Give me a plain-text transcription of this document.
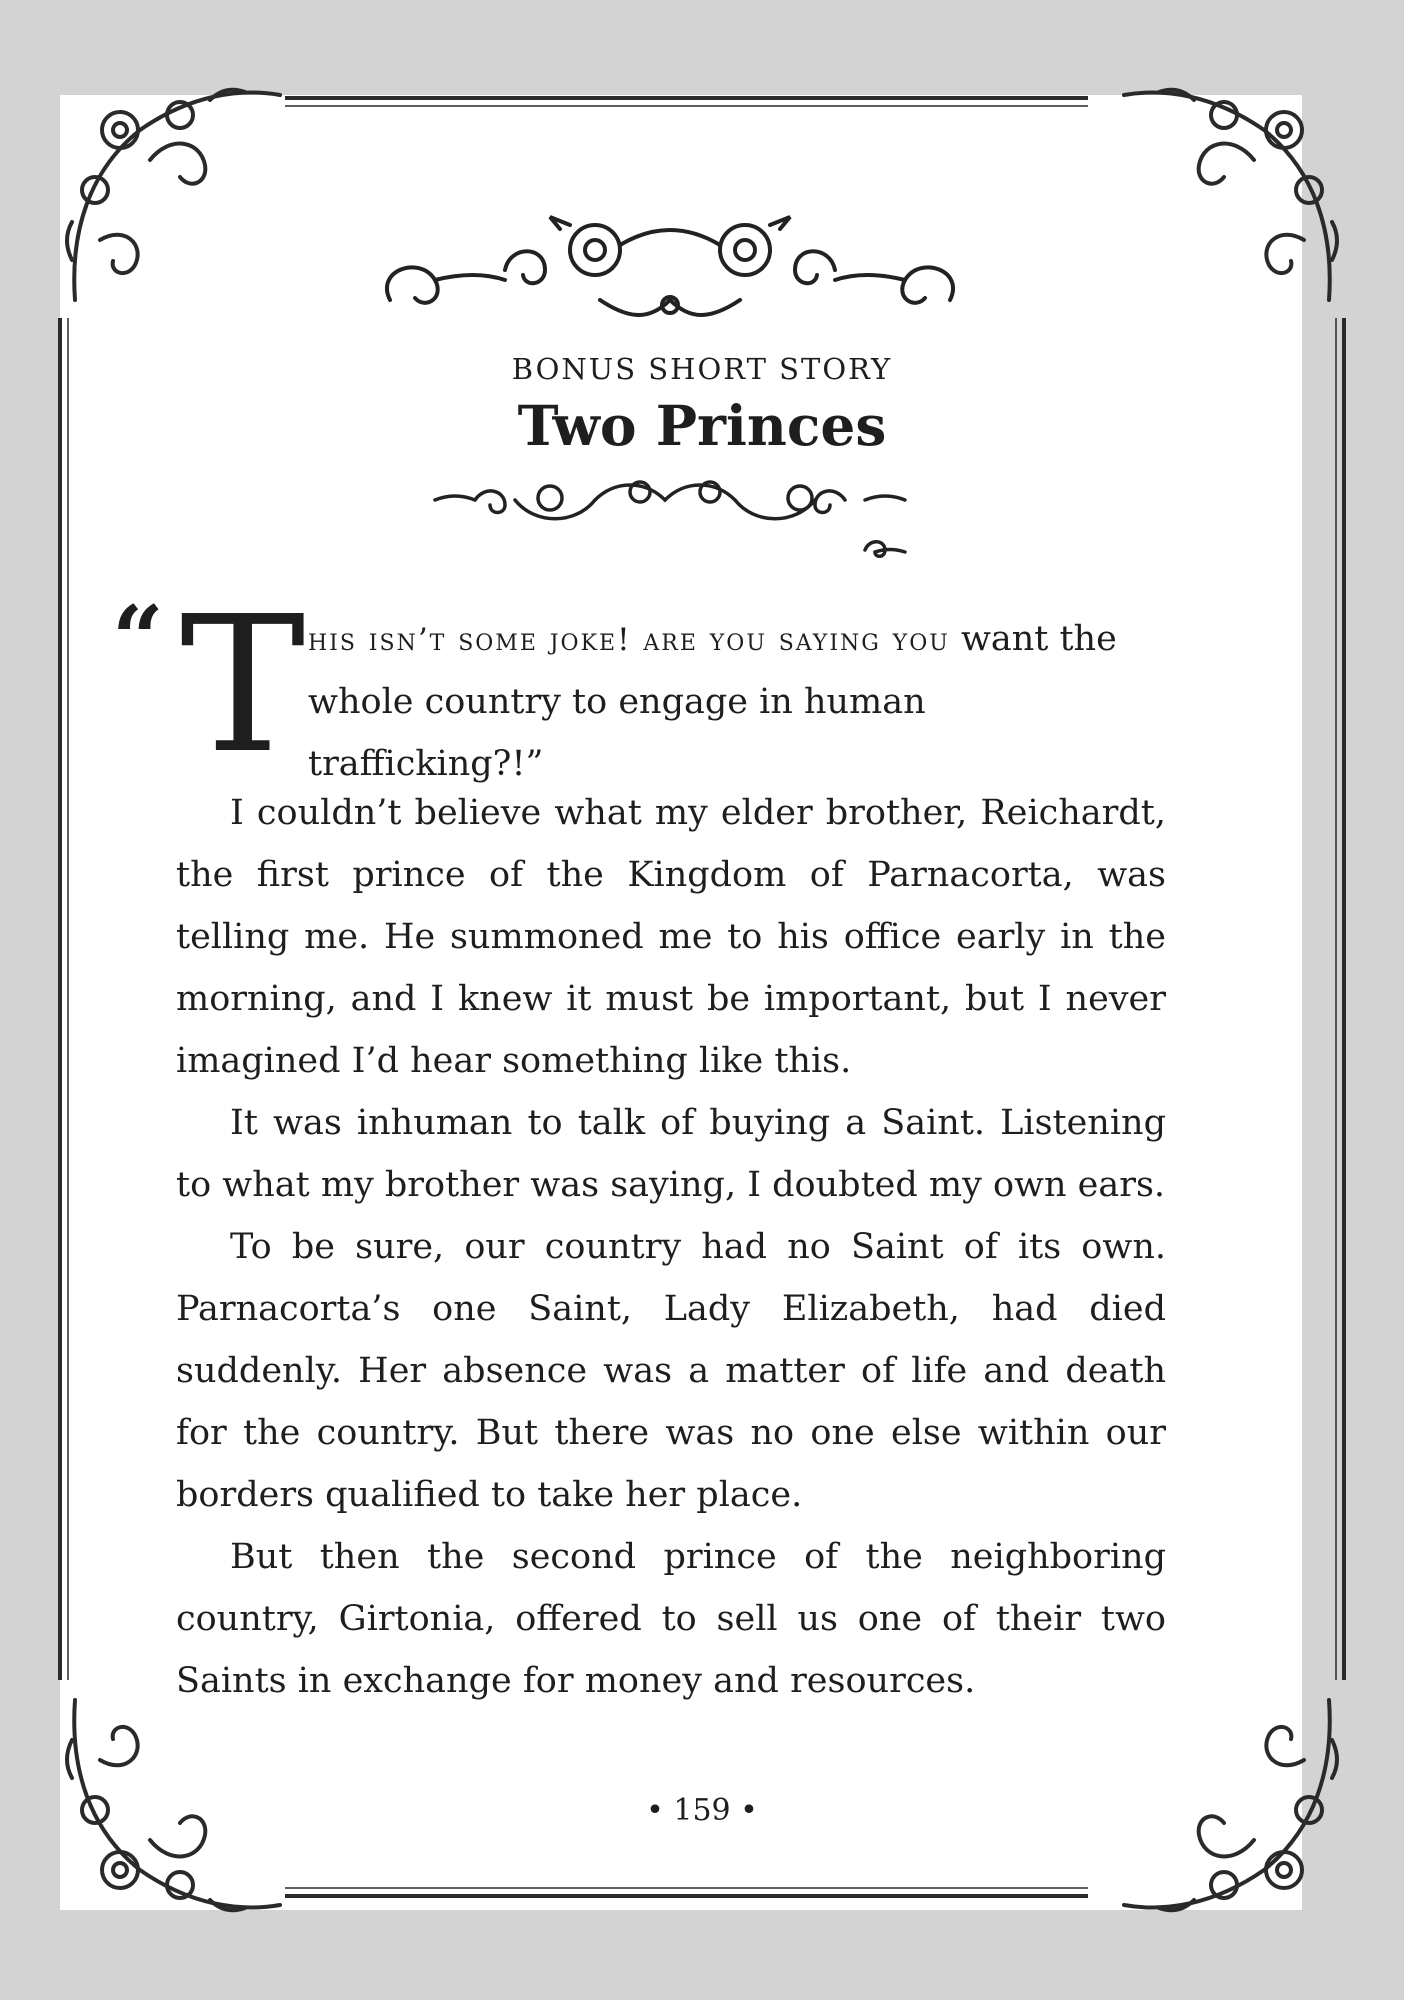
BONUS SHORT STORY
Two Princes
“ T his isn’t some joke! are you saying you want the whole country to engage in human trafficking?!”

I couldn’t believe what my elder brother, Reichardt, the first prince of the Kingdom of Parnacorta, was telling me. He summoned me to his office early in the morning, and I knew it must be important, but I never imagined I’d hear something like this.

It was inhuman to talk of buying a Saint. Listening to what my brother was saying, I doubted my own ears.

To be sure, our country had no Saint of its own. Parnacorta’s one Saint, Lady Elizabeth, had died suddenly. Her absence was a matter of life and death for the country. But there was no one else within our borders qualified to take her place.

But then the second prince of the neighboring country, Girtonia, offered to sell us one of their two Saints in exchange for money and resources.

• 159 •
